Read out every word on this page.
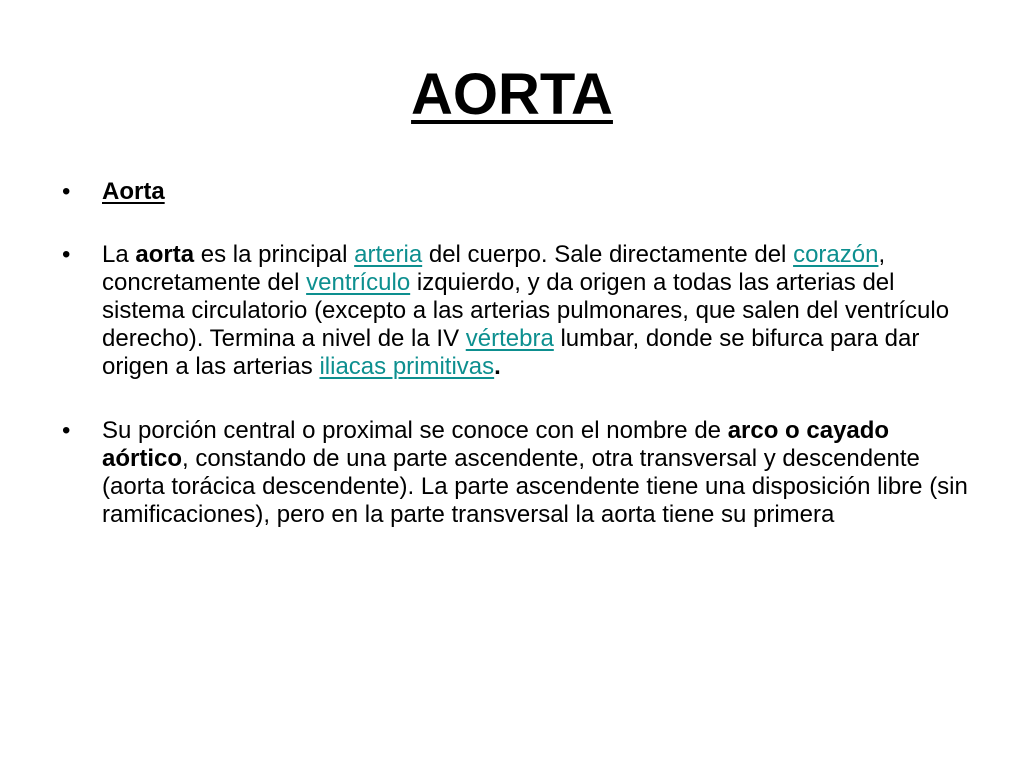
AORTA
•	Aorta
•	La aorta es la principal arteria del cuerpo. Sale directamente del corazón, concretamente del ventrículo izquierdo, y da origen a todas las arterias del sistema circulatorio (excepto a las arterias pulmonares, que salen del ventrículo derecho). Termina a nivel de la IV vértebra lumbar, donde se bifurca para dar origen a las arterias iliacas primitivas.
•	Su porción central o proximal se conoce con el nombre de arco o cayado aórtico, constando de una parte ascendente, otra transversal y descendente (aorta torácica descendente). La parte ascendente tiene una disposición libre (sin ramificaciones), pero en la parte transversal la aorta tiene su primera
